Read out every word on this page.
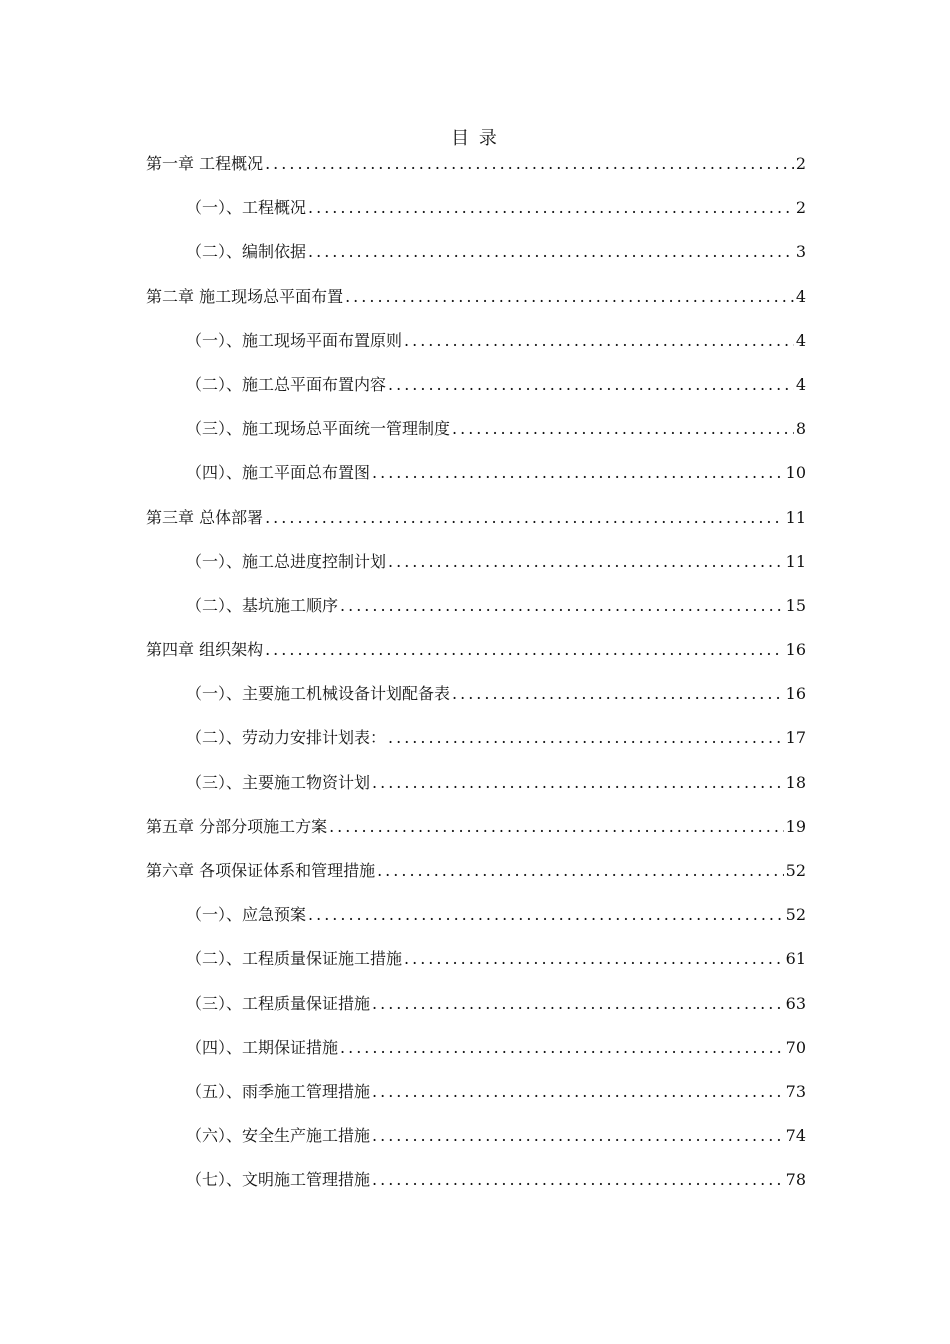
目 录
第一章 工程概况 .....	2
（一）、工程概况 .....	2
（二）、编制依据 .....	3
第二章 施工现场总平面布置 .....	4
（一）、施工现场平面布置原则 .....	4
（二）、施工总平面布置内容 .....	4
（三）、施工现场总平面统一管理制度 .....	8
（四）、施工平面总布置图 .....	10
第三章 总体部署 .....	11
（一）、施工总进度控制计划 .....	11
（二）、基坑施工顺序 .....	15
第四章 组织架构 .....	16
（一）、主要施工机械设备计划配备表 .....	16
（二）、劳动力安排计划表： .....	17
（三）、主要施工物资计划 .....	18
第五章 分部分项施工方案 .....	19
第六章 各项保证体系和管理措施 .....	52
（一）、应急预案 .....	52
（二）、工程质量保证施工措施 .....	61
（三）、工程质量保证措施 .....	63
（四）、工期保证措施 .....	70
（五）、雨季施工管理措施 .....	73
（六）、安全生产施工措施 .....	74
（七）、文明施工管理措施 .....	78
